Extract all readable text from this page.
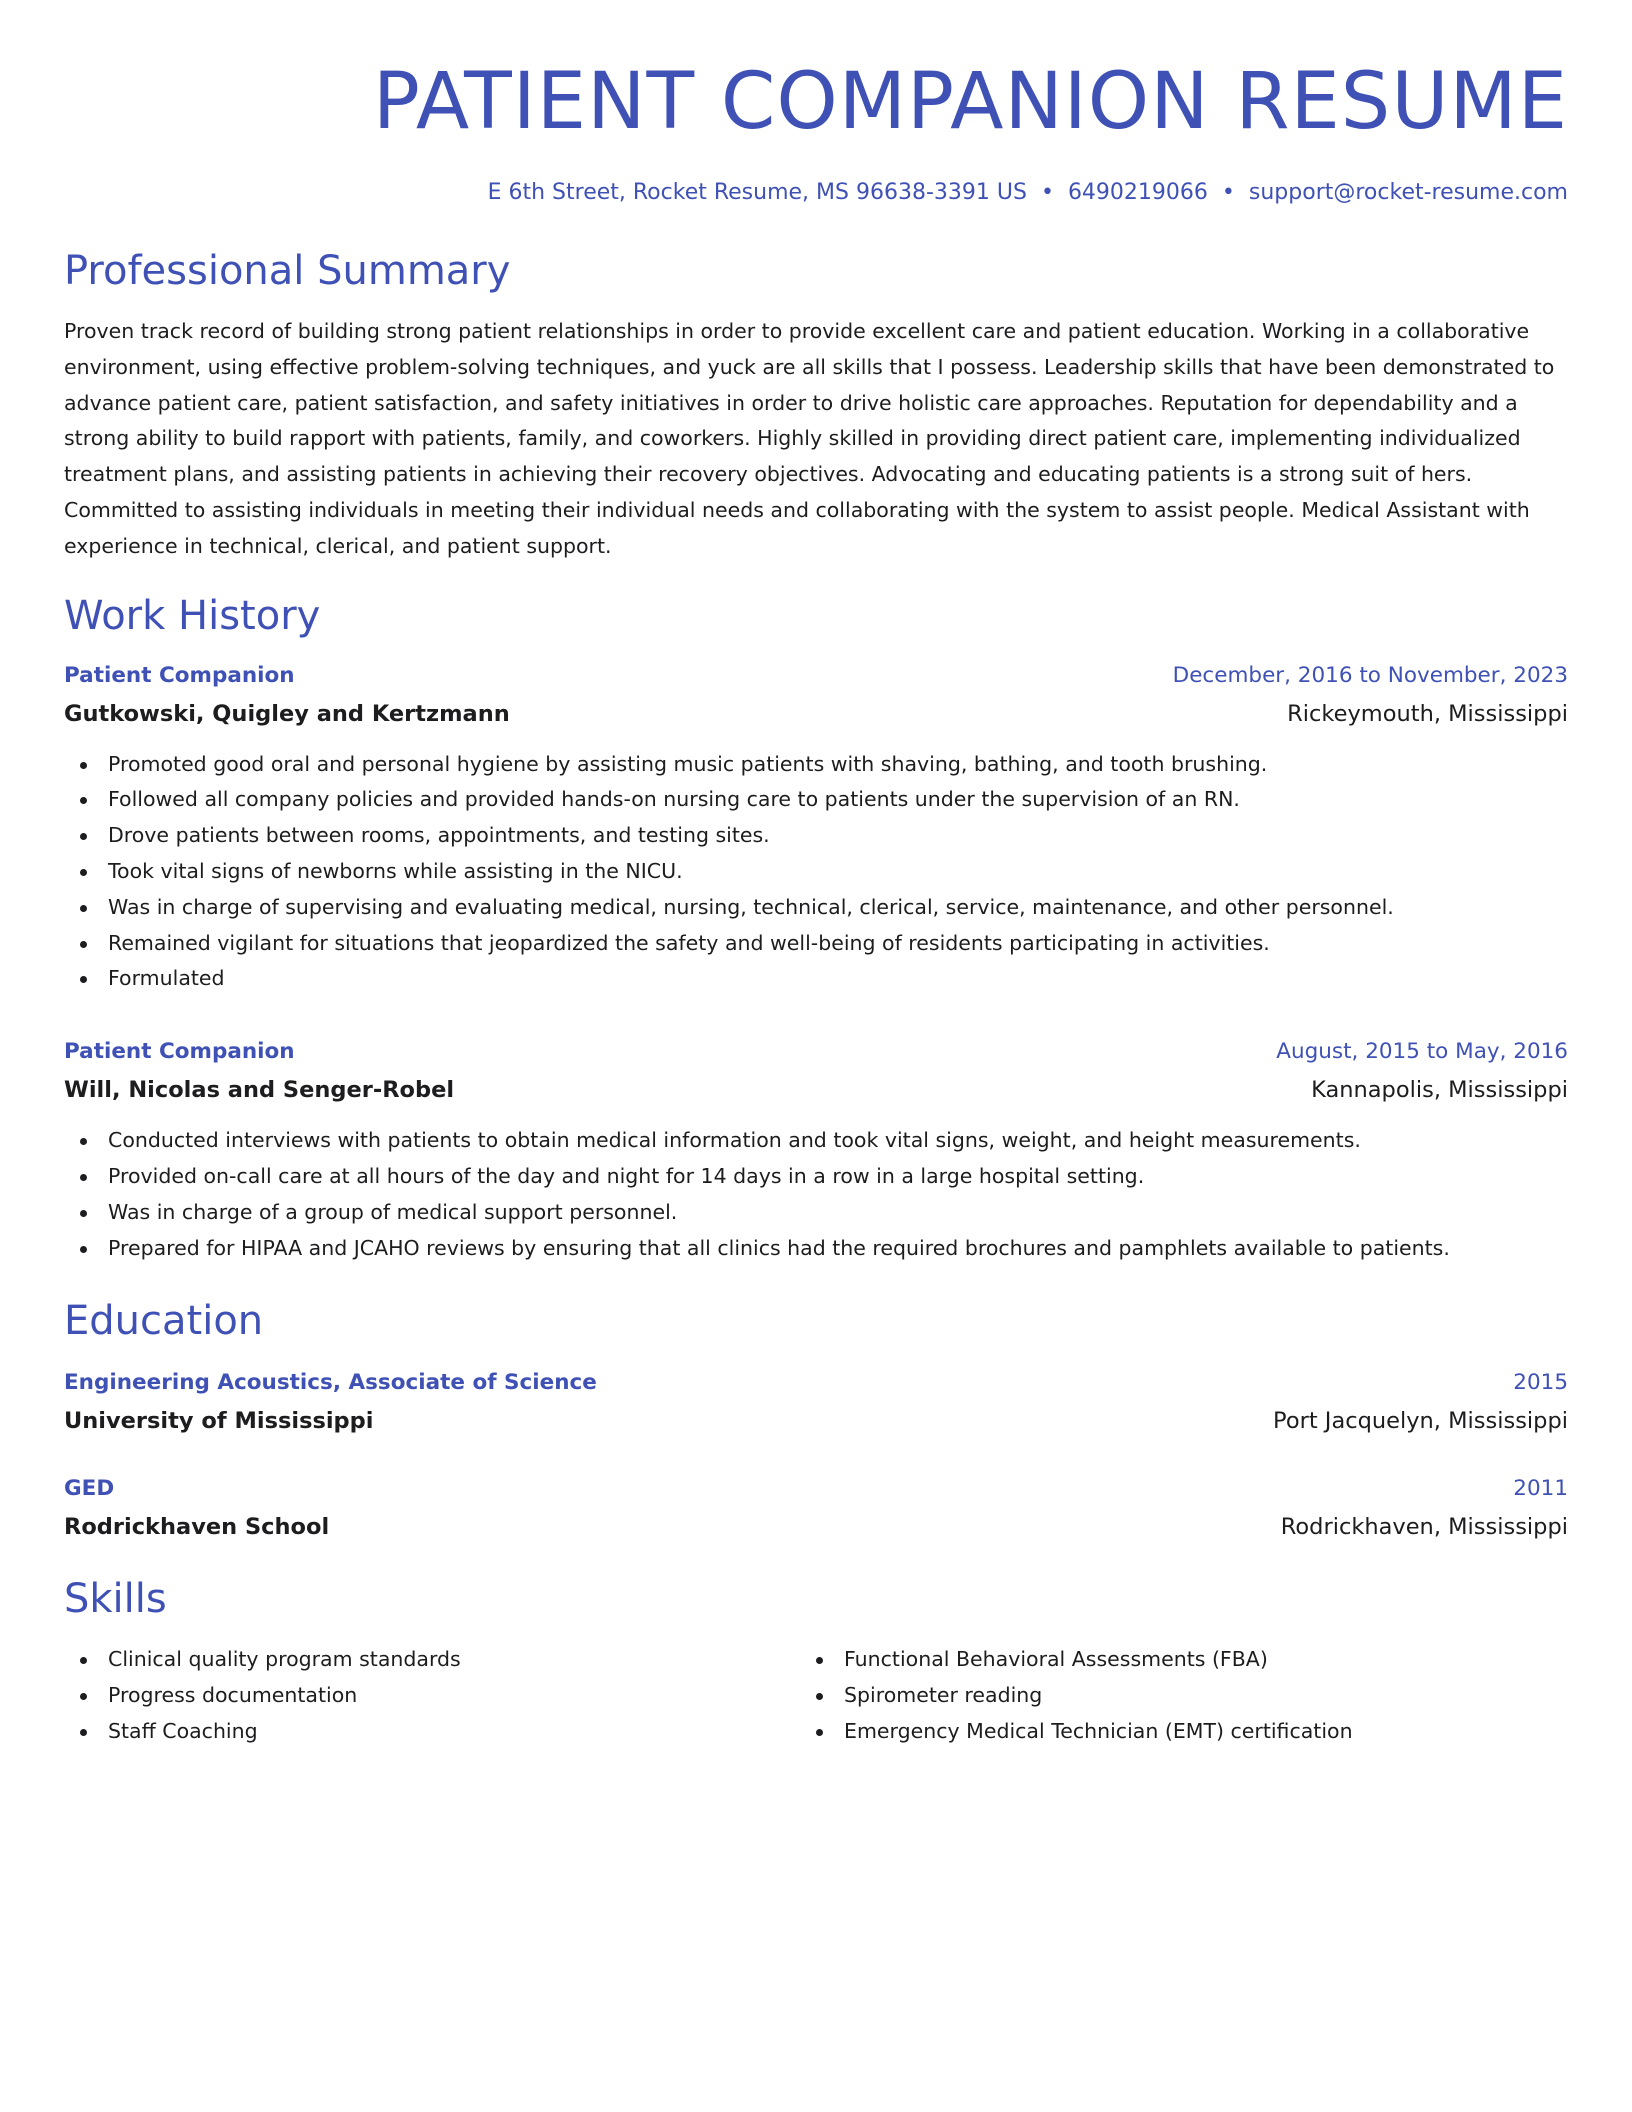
PATIENT COMPANION RESUME
E 6th Street, Rocket Resume, MS 96638-3391 US • 6490219066 • support@rocket-resume.com
Professional Summary

Proven track record of building strong patient relationships in order to provide excellent care and patient education. Working in a collaborative environment, using effective problem-solving techniques, and yuck are all skills that I possess. Leadership skills that have been demonstrated to advance patient care, patient satisfaction, and safety initiatives in order to drive holistic care approaches. Reputation for dependability and a strong ability to build rapport with patients, family, and coworkers. Highly skilled in providing direct patient care, implementing individualized treatment plans, and assisting patients in achieving their recovery objectives. Advocating and educating patients is a strong suit of hers. Committed to assisting individuals in meeting their individual needs and collaborating with the system to assist people. Medical Assistant with experience in technical, clerical, and patient support.

Work History
Patient Companion	December, 2016 to November, 2023
Gutkowski, Quigley and Kertzmann	Rickeymouth, Mississippi
Promoted good oral and personal hygiene by assisting music patients with shaving, bathing, and tooth brushing.
Followed all company policies and provided hands-on nursing care to patients under the supervision of an RN.
Drove patients between rooms, appointments, and testing sites.
Took vital signs of newborns while assisting in the NICU.
Was in charge of supervising and evaluating medical, nursing, technical, clerical, service, maintenance, and other personnel.
Remained vigilant for situations that jeopardized the safety and well-being of residents participating in activities.
Formulated
Patient Companion	August, 2015 to May, 2016
Will, Nicolas and Senger-Robel	Kannapolis, Mississippi
Conducted interviews with patients to obtain medical information and took vital signs, weight, and height measurements.
Provided on-call care at all hours of the day and night for 14 days in a row in a large hospital setting.
Was in charge of a group of medical support personnel.
Prepared for HIPAA and JCAHO reviews by ensuring that all clinics had the required brochures and pamphlets available to patients.
Education
Engineering Acoustics, Associate of Science	2015
University of Mississippi	Port Jacquelyn, Mississippi
GED	2011
Rodrickhaven School	Rodrickhaven, Mississippi
Skills
Clinical quality program standards
Progress documentation
Staff Coaching
Functional Behavioral Assessments (FBA)
Spirometer reading
Emergency Medical Technician (EMT) certification
